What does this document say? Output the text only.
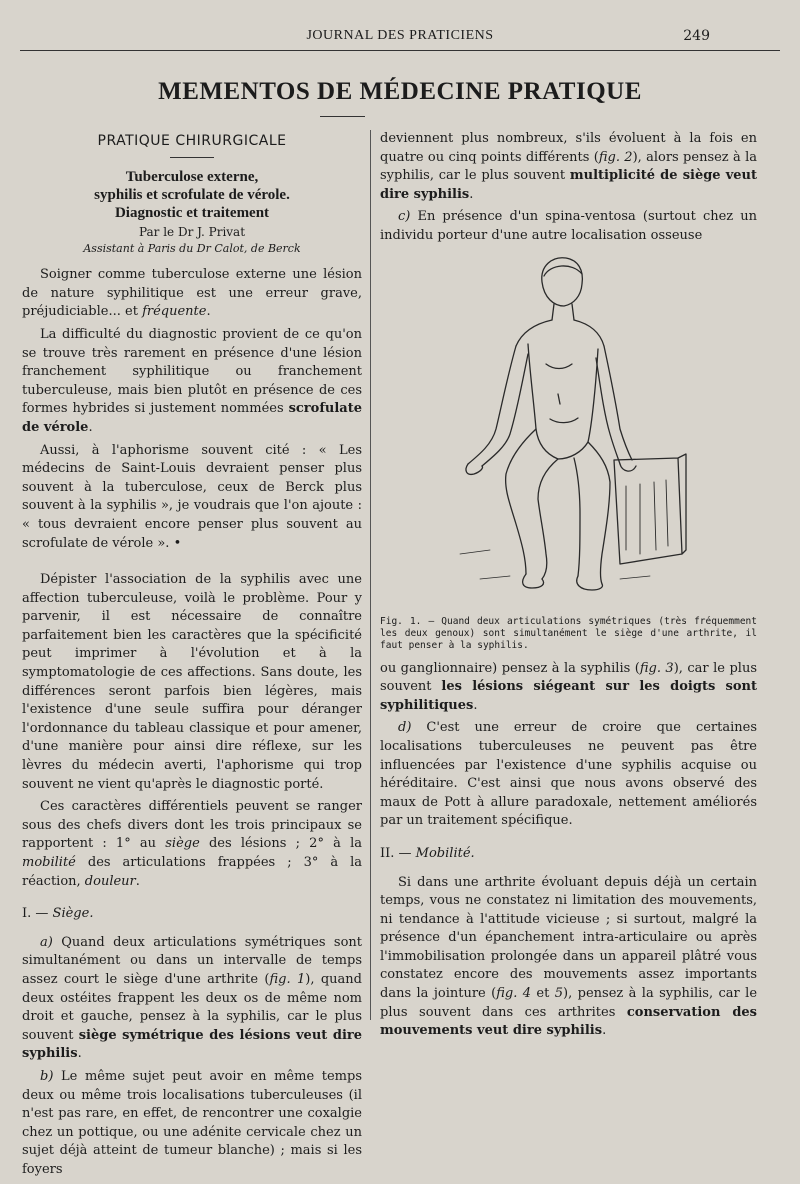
JOURNAL DES PRATICIENS	249
MEMENTOS DE MÉDECINE PRATIQUE
PRATIQUE CHIRURGICALE
Tuberculose externe,
syphilis et scrofulate de vérole.
Diagnostic et traitement
Par le Dr J. Privat
Assistant à Paris du Dr Calot, de Berck

Soigner comme tuberculose externe une lésion de nature syphilitique est une erreur grave, préjudiciable... et fréquente.

La difficulté du diagnostic provient de ce qu'on se trouve très rarement en présence d'une lésion franchement syphilitique ou franchement tuberculeuse, mais bien plutôt en présence de ces formes hybrides si justement nommées scrofulate de vérole.

Aussi, à l'aphorisme souvent cité : « Les médecins de Saint-Louis devraient penser plus souvent à la tuberculose, ceux de Berck plus souvent à la syphilis », je voudrais que l'on ajoute : « tous devraient encore penser plus souvent au scrofulate de vérole ». •

Dépister l'association de la syphilis avec une affection tuberculeuse, voilà le problème. Pour y parvenir, il est nécessaire de connaître parfaitement bien les caractères que la spécificité peut imprimer à l'évolution et à la symptomatologie de ces affections. Sans doute, les différences seront parfois bien légères, mais l'existence d'une seule suffira pour déranger l'ordonnance du tableau classique et pour amener, d'une manière pour ainsi dire réflexe, sur les lèvres du médecin averti, l'aphorisme qui trop souvent ne vient qu'après le diagnostic porté.

Ces caractères différentiels peuvent se ranger sous des chefs divers dont les trois principaux se rapportent : 1° au siège des lésions ; 2° à la mobilité des articulations frappées ; 3° à la réaction, douleur.

I. — Siège.

a) Quand deux articulations symétriques sont simultanément ou dans un intervalle de temps assez court le siège d'une arthrite (fig. 1), quand deux ostéites frappent les deux os de même nom droit et gauche, pensez à la syphilis, car le plus souvent siège symétrique des lésions veut dire syphilis.

b) Le même sujet peut avoir en même temps deux ou même trois localisations tuberculeuses (il n'est pas rare, en effet, de rencontrer une coxalgie chez un pottique, ou une adénite cervicale chez un sujet déjà atteint de tumeur blanche) ; mais si les foyers

deviennent plus nombreux, s'ils évoluent à la fois en quatre ou cinq points différents (fig. 2), alors pensez à la syphilis, car le plus souvent multiplicité de siège veut dire syphilis.

c) En présence d'un spina-ventosa (surtout chez un individu porteur d'une autre localisation osseuse

Fig. 1. — Quand deux articulations symétriques (très fréquemment les deux genoux) sont simultanément le siège d'une arthrite, il faut penser à la syphilis.

ou ganglionnaire) pensez à la syphilis (fig. 3), car le plus souvent les lésions siégeant sur les doigts sont syphilitiques.

d) C'est une erreur de croire que certaines localisations tuberculeuses ne peuvent pas être influencées par l'existence d'une syphilis acquise ou héréditaire. C'est ainsi que nous avons observé des maux de Pott à allure paradoxale, nettement améliorés par un traitement spécifique.

II. — Mobilité.

Si dans une arthrite évoluant depuis déjà un certain temps, vous ne constatez ni limitation des mouvements, ni tendance à l'attitude vicieuse ; si surtout, malgré la présence d'un épanchement intra-articulaire ou après l'immobilisation prolongée dans un appareil plâtré vous constatez encore des mouvements assez importants dans la jointure (fig. 4 et 5), pensez à la syphilis, car le plus souvent dans ces arthrites conservation des mouvements veut dire syphilis.
